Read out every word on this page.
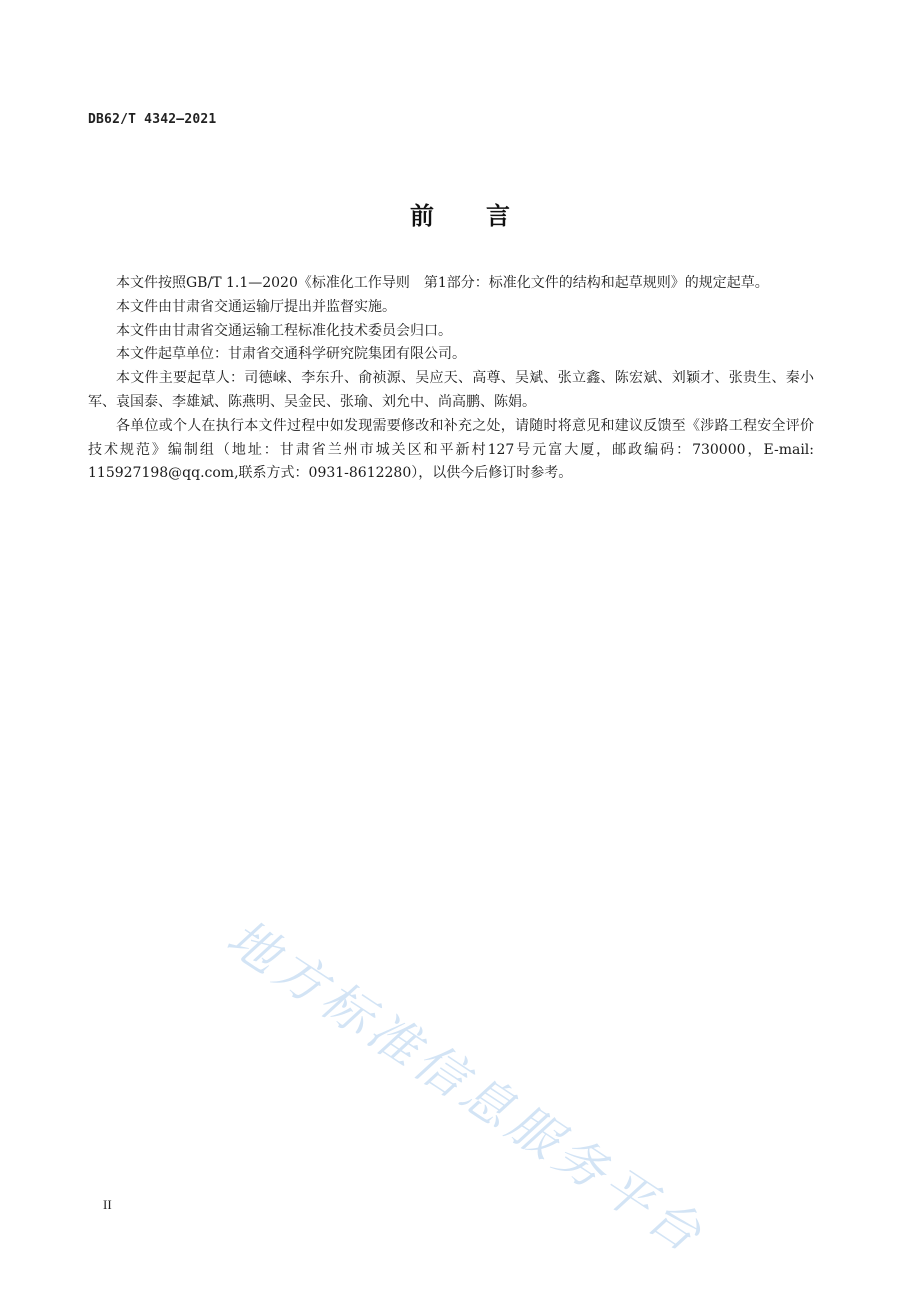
DB62/T 4342—2021
前言

本文件按照GB/T 1.1—2020《标准化工作导则　第1部分：标准化文件的结构和起草规则》的规定起草。

本文件由甘肃省交通运输厅提出并监督实施。

本文件由甘肃省交通运输工程标准化技术委员会归口。

本文件起草单位：甘肃省交通科学研究院集团有限公司。

本文件主要起草人：司德崃、李东升、俞祯源、吴应天、高尊、吴斌、张立鑫、陈宏斌、刘颖才、张贵生、秦小军、袁国泰、李雄斌、陈燕明、吴金民、张瑜、刘允中、尚高鹏、陈娟。

各单位或个人在执行本文件过程中如发现需要修改和补充之处，请随时将意见和建议反馈至《涉路工程安全评价技术规范》编制组（地址：甘肃省兰州市城关区和平新村127号元富大厦，邮政编码：730000，E-mail: 115927198@qq.com,联系方式：0931-8612280），以供今后修订时参考。

地方标准信息服务平台
II
